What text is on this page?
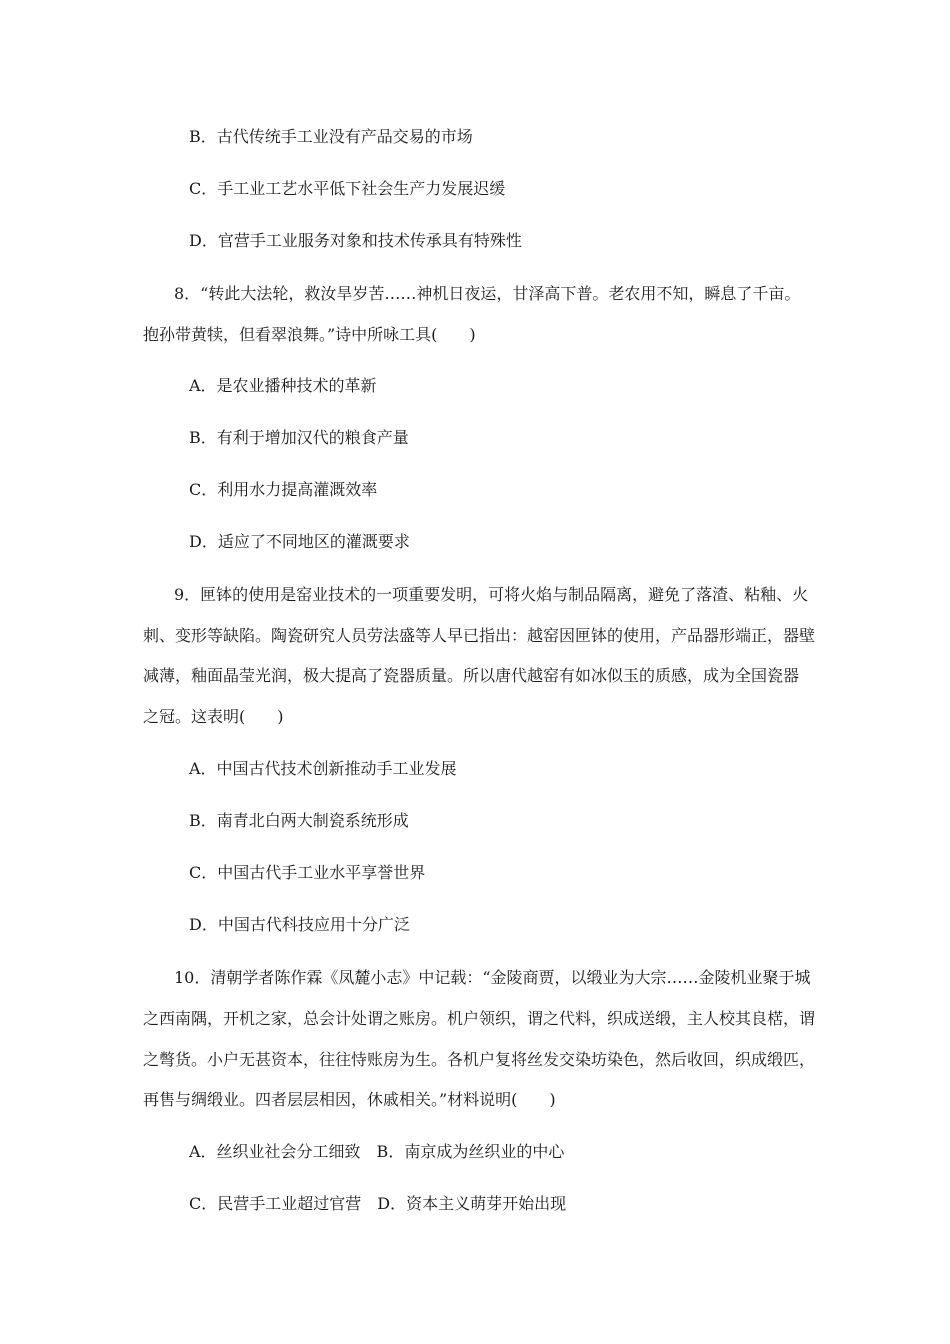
B．古代传统手工业没有产品交易的市场
C．手工业工艺水平低下社会生产力发展迟缓
D．官营手工业服务对象和技术传承具有特殊性
8．“转此大法轮，救汝旱岁苦……神机日夜运，甘泽高下普。老农用不知，瞬息了千亩。
抱孙带黄犊，但看翠浪舞。”诗中所咏工具(　　)
A．是农业播种技术的革新
B．有利于增加汉代的粮食产量
C．利用水力提高灌溉效率
D．适应了不同地区的灌溉要求
9．匣钵的使用是窑业技术的一项重要发明，可将火焰与制品隔离，避免了落渣、粘釉、火
刺、变形等缺陷。陶瓷研究人员劳法盛等人早已指出：越窑因匣钵的使用，产品器形端正，器壁
减薄，釉面晶莹光润，极大提高了瓷器质量。所以唐代越窑有如冰似玉的质感，成为全国瓷器
之冠。这表明(　　)
A．中国古代技术创新推动手工业发展
B．南青北白两大制瓷系统形成
C．中国古代手工业水平享誉世界
D．中国古代科技应用十分广泛
10．清朝学者陈作霖《凤麓小志》中记载：“金陵商贾，以缎业为大宗……金陵机业聚于城
之西南隅，开机之家，总会计处谓之账房。机户领织，谓之代料，织成送缎，主人校其良楛，谓
之彆货。小户无甚资本，往往恃账房为生。各机户复将丝发交染坊染色，然后收回，织成缎匹，
再售与绸缎业。四者层层相因，休戚相关。”材料说明(　　)
A．丝织业社会分工细致　B．南京成为丝织业的中心
C．民营手工业超过官营　D．资本主义萌芽开始出现
